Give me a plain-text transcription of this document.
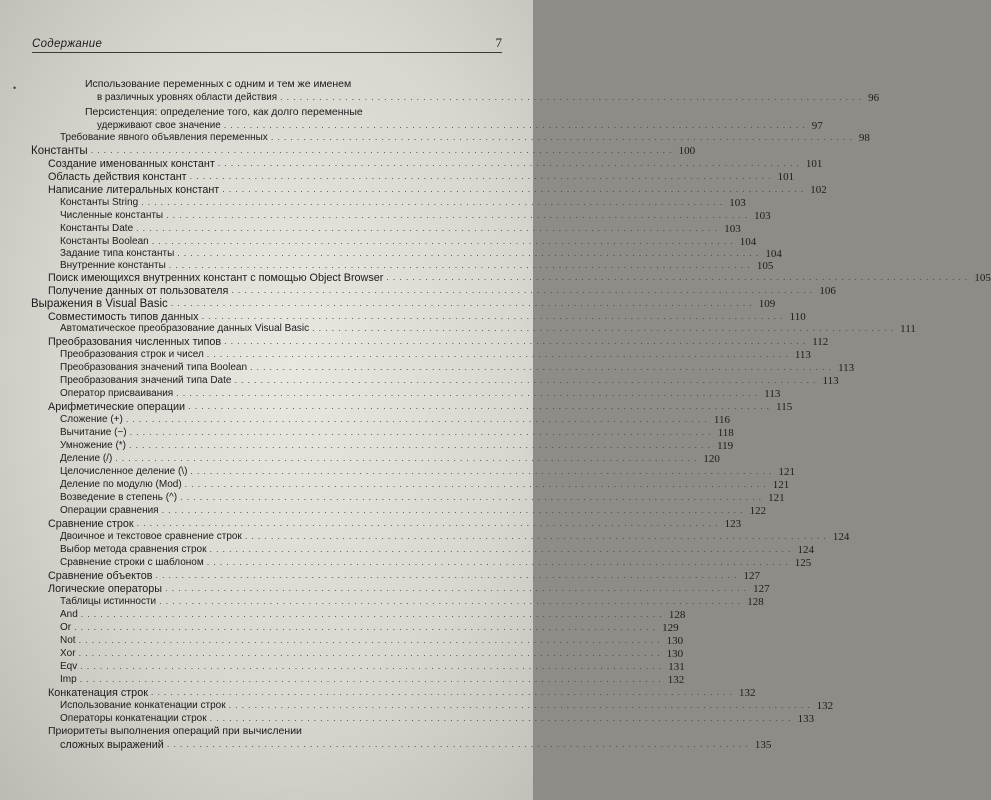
Содержание	7
•	Использование переменных с одним и тем же именем
в различных уровнях области действия .......................................................................................... 96
Персистенция: определение того, как долго переменные
удерживают свое значение .......................................................................................... 97
Требование явного объявления переменных .......................................................................................... 98
Константы .......................................................................................... 100
Создание именованных констант .......................................................................................... 101
Область действия констант .......................................................................................... 101
Написание литеральных констант .......................................................................................... 102
Константы String .......................................................................................... 103
Численные константы .......................................................................................... 103
Константы Date .......................................................................................... 103
Константы Boolean .......................................................................................... 104
Задание типа константы .......................................................................................... 104
Внутренние константы .......................................................................................... 105
Поиск имеющихся внутренних констант с помощью Object Browser .......................................................................................... 105
Получение данных от пользователя .......................................................................................... 106
Выражения в Visual Basic .......................................................................................... 109
Совместимость типов данных .......................................................................................... 110
Автоматическое преобразование данных Visual Basic .......................................................................................... 111
Преобразования численных типов .......................................................................................... 112
Преобразования строк и чисел .......................................................................................... 113
Преобразования значений типа Boolean .......................................................................................... 113
Преобразования значений типа Date .......................................................................................... 113
Оператор присваивания .......................................................................................... 113
Арифметические операции .......................................................................................... 115
Сложение (+) .......................................................................................... 116
Вычитание (−) .......................................................................................... 118
Умножение (*) .......................................................................................... 119
Деление (/) .......................................................................................... 120
Целочисленное деление (\) .......................................................................................... 121
Деление по модулю (Mod) .......................................................................................... 121
Возведение в степень (^) .......................................................................................... 121
Операции сравнения .......................................................................................... 122
Сравнение строк .......................................................................................... 123
Двоичное и текстовое сравнение строк .......................................................................................... 124
Выбор метода сравнения строк .......................................................................................... 124
Сравнение строки с шаблоном .......................................................................................... 125
Сравнение объектов .......................................................................................... 127
Логические операторы .......................................................................................... 127
Таблицы истинности .......................................................................................... 128
And .......................................................................................... 128
Or .......................................................................................... 129
Not .......................................................................................... 130
Xor .......................................................................................... 130
Eqv .......................................................................................... 131
Imp .......................................................................................... 132
Конкатенация строк .......................................................................................... 132
Использование конкатенации строк .......................................................................................... 132
Операторы конкатенации строк .......................................................................................... 133
Приоритеты выполнения операций при вычислении
сложных выражений .......................................................................................... 135
